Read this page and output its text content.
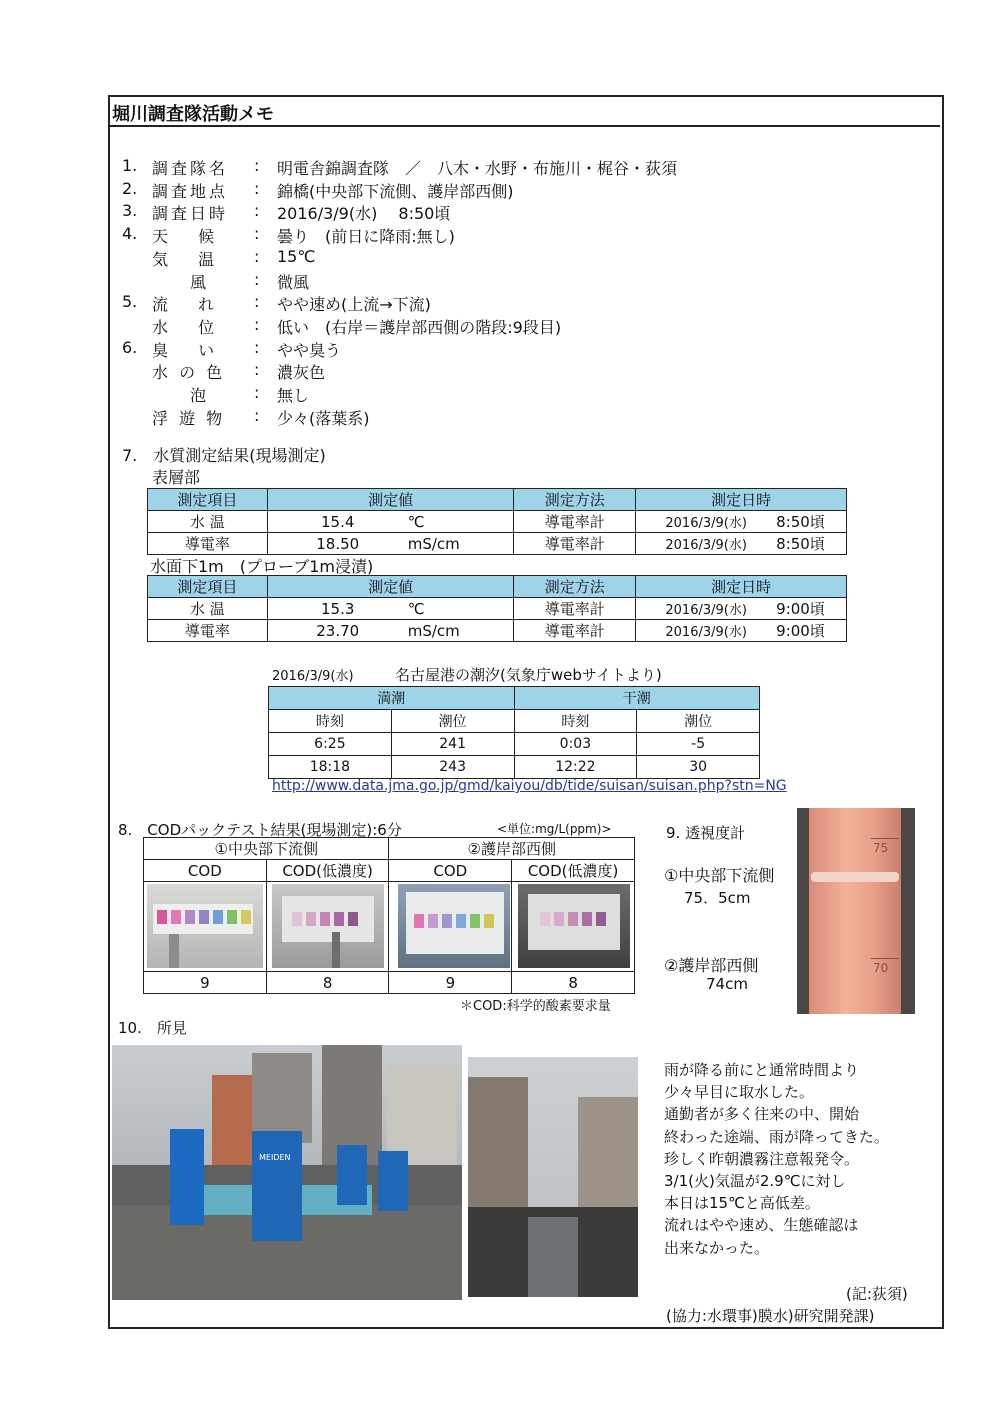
堀川調査隊活動メモ
1. 調査隊名 : 明電舎錦調査隊　／　八木・水野・布施川・梶谷・荻須
2. 調査地点 : 錦橋(中央部下流側、護岸部西側)
3. 調査日時 : 2016/3/9(水)　 8:50頃
4. 天　 候 : 曇り　(前日に降雨:無し)
気　 温 : 15℃
風	: 微風
5. 流　 れ : やや速め(上流→下流)
水　 位 : 低い　(右岸＝護岸部西側の階段:9段目)
6. 臭　 い : やや臭う
水 の 色 : 濃灰色
泡	: 無し
浮 遊 物 : 少々(落葉系)
7.　水質測定結果(現場測定)
表層部
測定項目	測定値	測定方法	測定日時
水 温	15.4 ℃	導電率計	2016/3/9(水) 8:50頃
導電率	18.50 mS/cm	導電率計	2016/3/9(水) 8:50頃
水面下1m　(プローブ1m浸漬)
測定項目	測定値	測定方法	測定日時
水 温	15.3 ℃	導電率計	2016/3/9(水) 9:00頃
導電率	23.70 mS/cm	導電率計	2016/3/9(水) 9:00頃
2016/3/9(水)	名古屋港の潮汐(気象庁webサイトより)
満潮		干潮	
時刻	潮位	時刻	潮位
6:25	241	0:03	-5
18:18	243	12:22	30
http://www.data.jma.go.jp/gmd/kaiyou/db/tide/suisan/suisan.php?stn=NG
8.　CODパックテスト結果(現場測定):6分	<単位:mg/L(ppm)>
①中央部下流側		②護岸部西側	
COD	COD(低濃度)	COD	COD(低濃度)

9	8	9	8
＊COD:科学的酸素要求量
9. 透視度計
①中央部下流側
75．5cm
②護岸部西側
74cm
75
70
10.　所見
MEIDEN
雨が降る前にと通常時間より
少々早目に取水した。
通勤者が多く往来の中、開始
終わった途端、雨が降ってきた。
珍しく昨朝濃霧注意報発令。
3/1(火)気温が2.9℃に対し
本日は15℃と高低差。
流れはやや速め、生態確認は
出来なかった。
(記:荻須)
(協力:水環事)膜水)研究開発課)
